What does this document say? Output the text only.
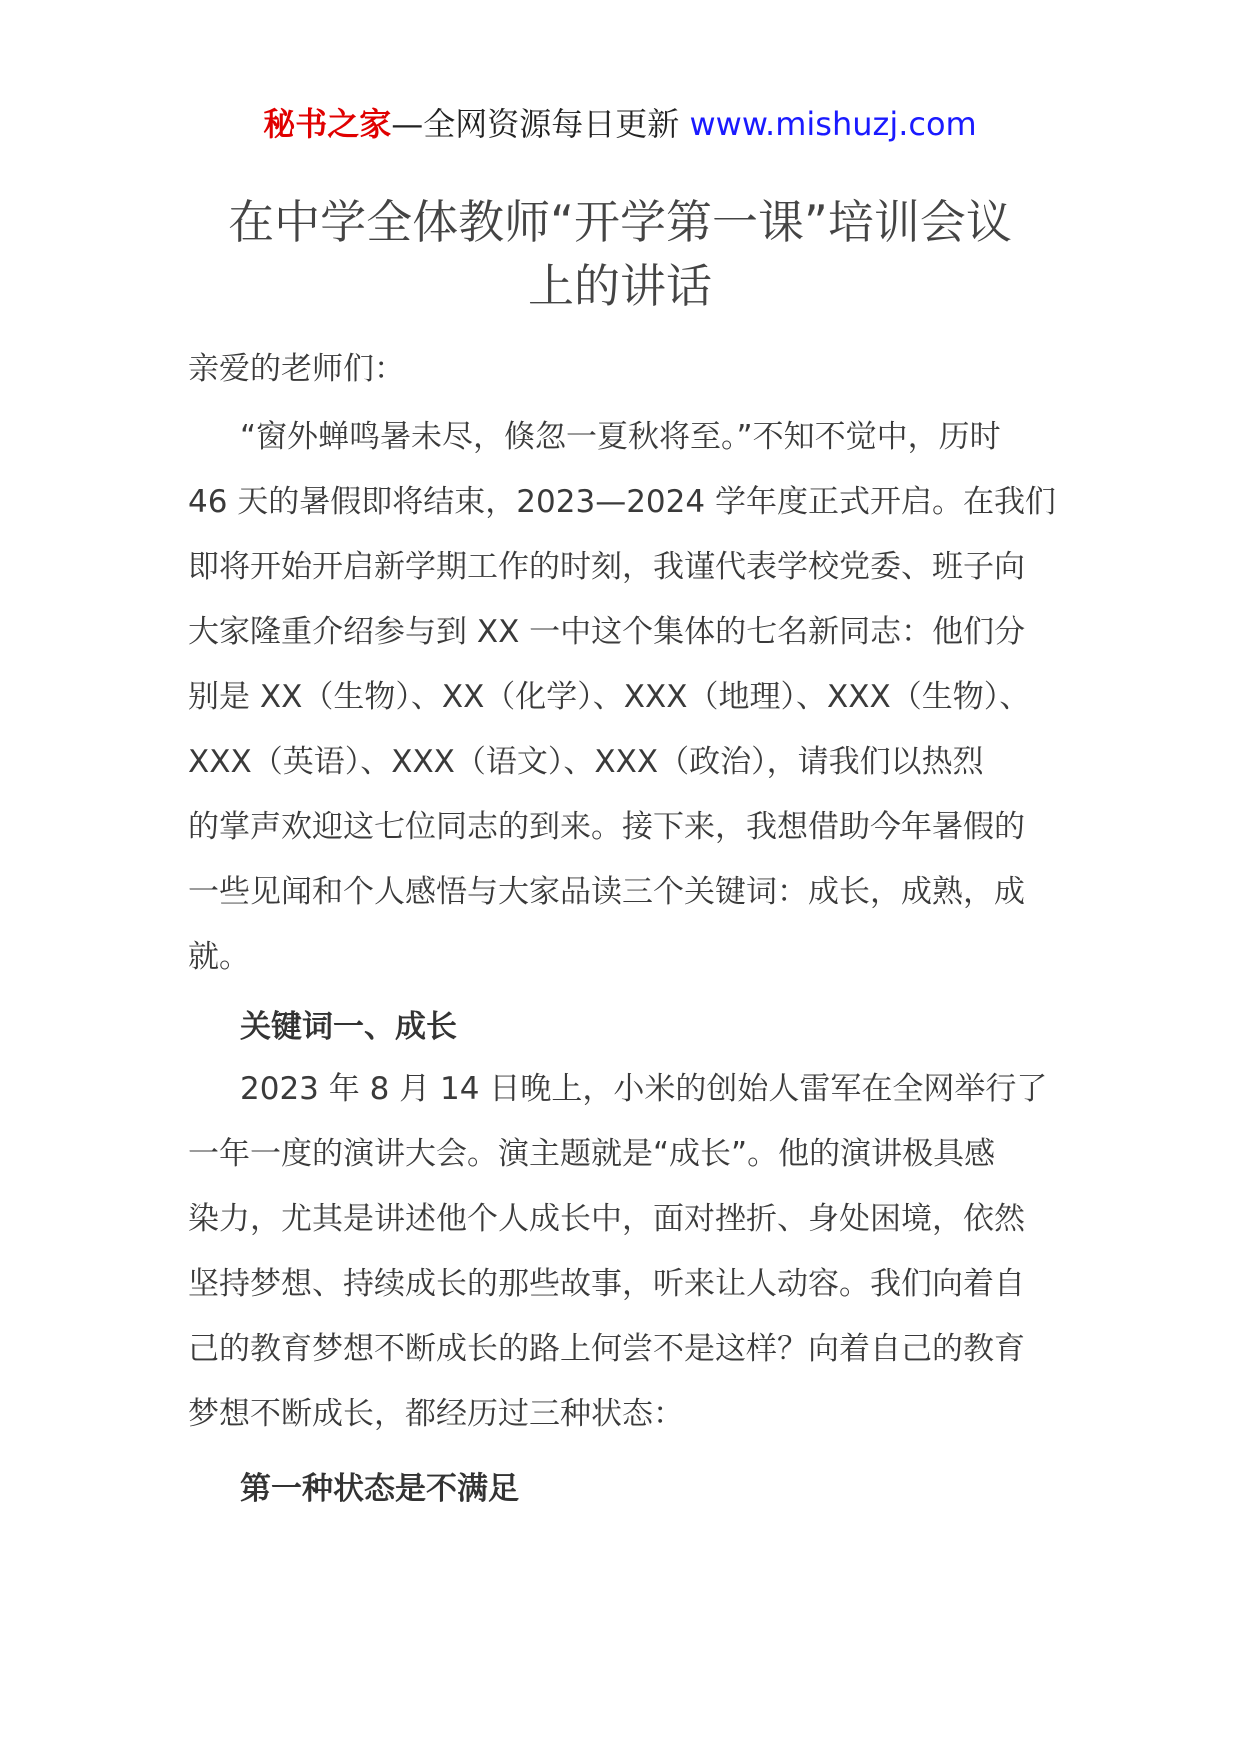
秘书之家—全网资源每日更新 www.mishuzj.com
在中学全体教师“开学第一课”培训会议
上的讲话
亲爱的老师们：
“窗外蝉鸣暑未尽，倏忽一夏秋将至。”不知不觉中，历时
46 天的暑假即将结束，2023—2024 学年度正式开启。在我们
即将开始开启新学期工作的时刻，我谨代表学校党委、班子向
大家隆重介绍参与到 XX 一中这个集体的七名新同志：他们分
别是 XX（生物）、XX（化学）、XXX（地理）、XXX（生物）、
XXX（英语）、XXX（语文）、XXX（政治），请我们以热烈
的掌声欢迎这七位同志的到来。接下来，我想借助今年暑假的
一些见闻和个人感悟与大家品读三个关键词：成长，成熟，成
就。
关键词一、成长
2023 年 8 月 14 日晚上，小米的创始人雷军在全网举行了
一年一度的演讲大会。演主题就是“成长”。他的演讲极具感
染力，尤其是讲述他个人成长中，面对挫折、身处困境，依然
坚持梦想、持续成长的那些故事，听来让人动容。我们向着自
己的教育梦想不断成长的路上何尝不是这样？向着自己的教育
梦想不断成长，都经历过三种状态：
第一种状态是不满足
